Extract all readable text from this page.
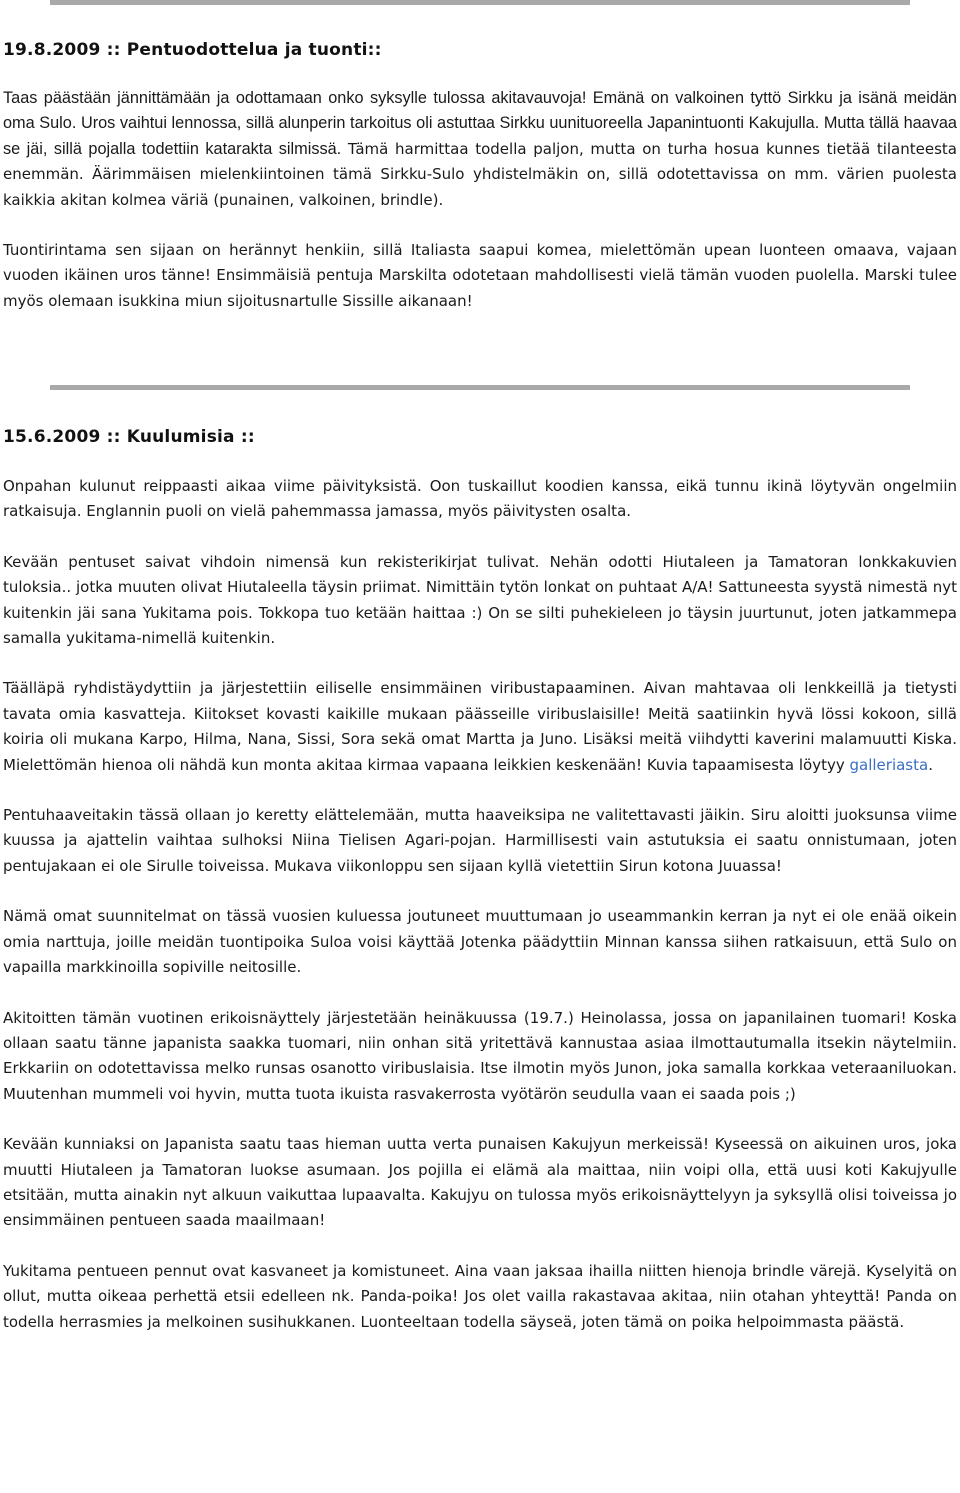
19.8.2009 :: Pentuodottelua ja tuonti::

Taas päästään jännittämään ja odottamaan onko syksylle tulossa akitavauvoja! Emänä on valkoinen tyttö Sirkku ja isänä meidän oma Sulo. Uros vaihtui lennossa, sillä alunperin tarkoitus oli astuttaa Sirkku uunituoreella Japanintuonti Kakujulla. Mutta tällä haavaa se jäi, sillä pojalla todettiin katarakta silmissä. Tämä harmittaa todella paljon, mutta on turha hosua kunnes tietää tilanteesta enemmän. Äärimmäisen mielenkiintoinen tämä Sirkku-Sulo yhdistelmäkin on, sillä odotettavissa on mm. värien puolesta kaikkia akitan kolmea väriä (punainen, valkoinen, brindle).

Tuontirintama sen sijaan on herännyt henkiin, sillä Italiasta saapui komea, mielettömän upean luonteen omaava, vajaan vuoden ikäinen uros tänne! Ensimmäisiä pentuja Marskilta odotetaan mahdollisesti vielä tämän vuoden puolella. Marski tulee myös olemaan isukkina miun sijoitusnartulle Sissille aikanaan!

15.6.2009 :: Kuulumisia ::

Onpahan kulunut reippaasti aikaa viime päivityksistä. Oon tuskaillut koodien kanssa, eikä tunnu ikinä löytyvän ongelmiin ratkaisuja. Englannin puoli on vielä pahemmassa jamassa, myös päivitysten osalta.

Kevään pentuset saivat vihdoin nimensä kun rekisterikirjat tulivat. Nehän odotti Hiutaleen ja Tamatoran lonkkakuvien tuloksia.. jotka muuten olivat Hiutaleella täysin priimat. Nimittäin tytön lonkat on puhtaat A/A! Sattuneesta syystä nimestä nyt kuitenkin jäi sana Yukitama pois. Tokkopa tuo ketään haittaa :) On se silti puhekieleen jo täysin juurtunut, joten jatkammepa samalla yukitama-nimellä kuitenkin.

Täälläpä ryhdistäydyttiin ja järjestettiin eiliselle ensimmäinen viribustapaaminen. Aivan mahtavaa oli lenkkeillä ja tietysti tavata omia kasvatteja. Kiitokset kovasti kaikille mukaan päässeille viribuslaisille! Meitä saatiinkin hyvä lössi kokoon, sillä koiria oli mukana Karpo, Hilma, Nana, Sissi, Sora sekä omat Martta ja Juno. Lisäksi meitä viihdytti kaverini malamuutti Kiska. Mielettömän hienoa oli nähdä kun monta akitaa kirmaa vapaana leikkien keskenään! Kuvia tapaamisesta löytyy galleriasta.

Pentuhaaveitakin tässä ollaan jo keretty elättelemään, mutta haaveiksipa ne valitettavasti jäikin. Siru aloitti juoksunsa viime kuussa ja ajattelin vaihtaa sulhoksi Niina Tielisen Agari-pojan. Harmillisesti vain astutuksia ei saatu onnistumaan, joten pentujakaan ei ole Sirulle toiveissa. Mukava viikonloppu sen sijaan kyllä vietettiin Sirun kotona Juuassa!

Nämä omat suunnitelmat on tässä vuosien kuluessa joutuneet muuttumaan jo useammankin kerran ja nyt ei ole enää oikein omia narttuja, joille meidän tuontipoika Suloa voisi käyttää Jotenka päädyttiin Minnan kanssa siihen ratkaisuun, että Sulo on vapailla markkinoilla sopiville neitosille.

Akitoitten tämän vuotinen erikoisnäyttely järjestetään heinäkuussa (19.7.) Heinolassa, jossa on japanilainen tuomari! Koska ollaan saatu tänne japanista saakka tuomari, niin onhan sitä yritettävä kannustaa asiaa ilmottautumalla itsekin näytelmiin. Erkkariin on odotettavissa melko runsas osanotto viribuslaisia. Itse ilmotin myös Junon, joka samalla korkkaa veteraaniluokan. Muutenhan mummeli voi hyvin, mutta tuota ikuista rasvakerrosta vyötärön seudulla vaan ei saada pois ;)

Kevään kunniaksi on Japanista saatu taas hieman uutta verta punaisen Kakujyun merkeissä! Kyseessä on aikuinen uros, joka muutti Hiutaleen ja Tamatoran luokse asumaan. Jos pojilla ei elämä ala maittaa, niin voipi olla, että uusi koti Kakujyulle etsitään, mutta ainakin nyt alkuun vaikuttaa lupaavalta. Kakujyu on tulossa myös erikoisnäyttelyyn ja syksyllä olisi toiveissa jo ensimmäinen pentueen saada maailmaan!

Yukitama pentueen pennut ovat kasvaneet ja komistuneet. Aina vaan jaksaa ihailla niitten hienoja brindle värejä. Kyselyitä on ollut, mutta oikeaa perhettä etsii edelleen nk. Panda-poika! Jos olet vailla rakastavaa akitaa, niin otahan yhteyttä! Panda on todella herrasmies ja melkoinen susihukkanen. Luonteeltaan todella säyseä, joten tämä on poika helpoimmasta päästä.
